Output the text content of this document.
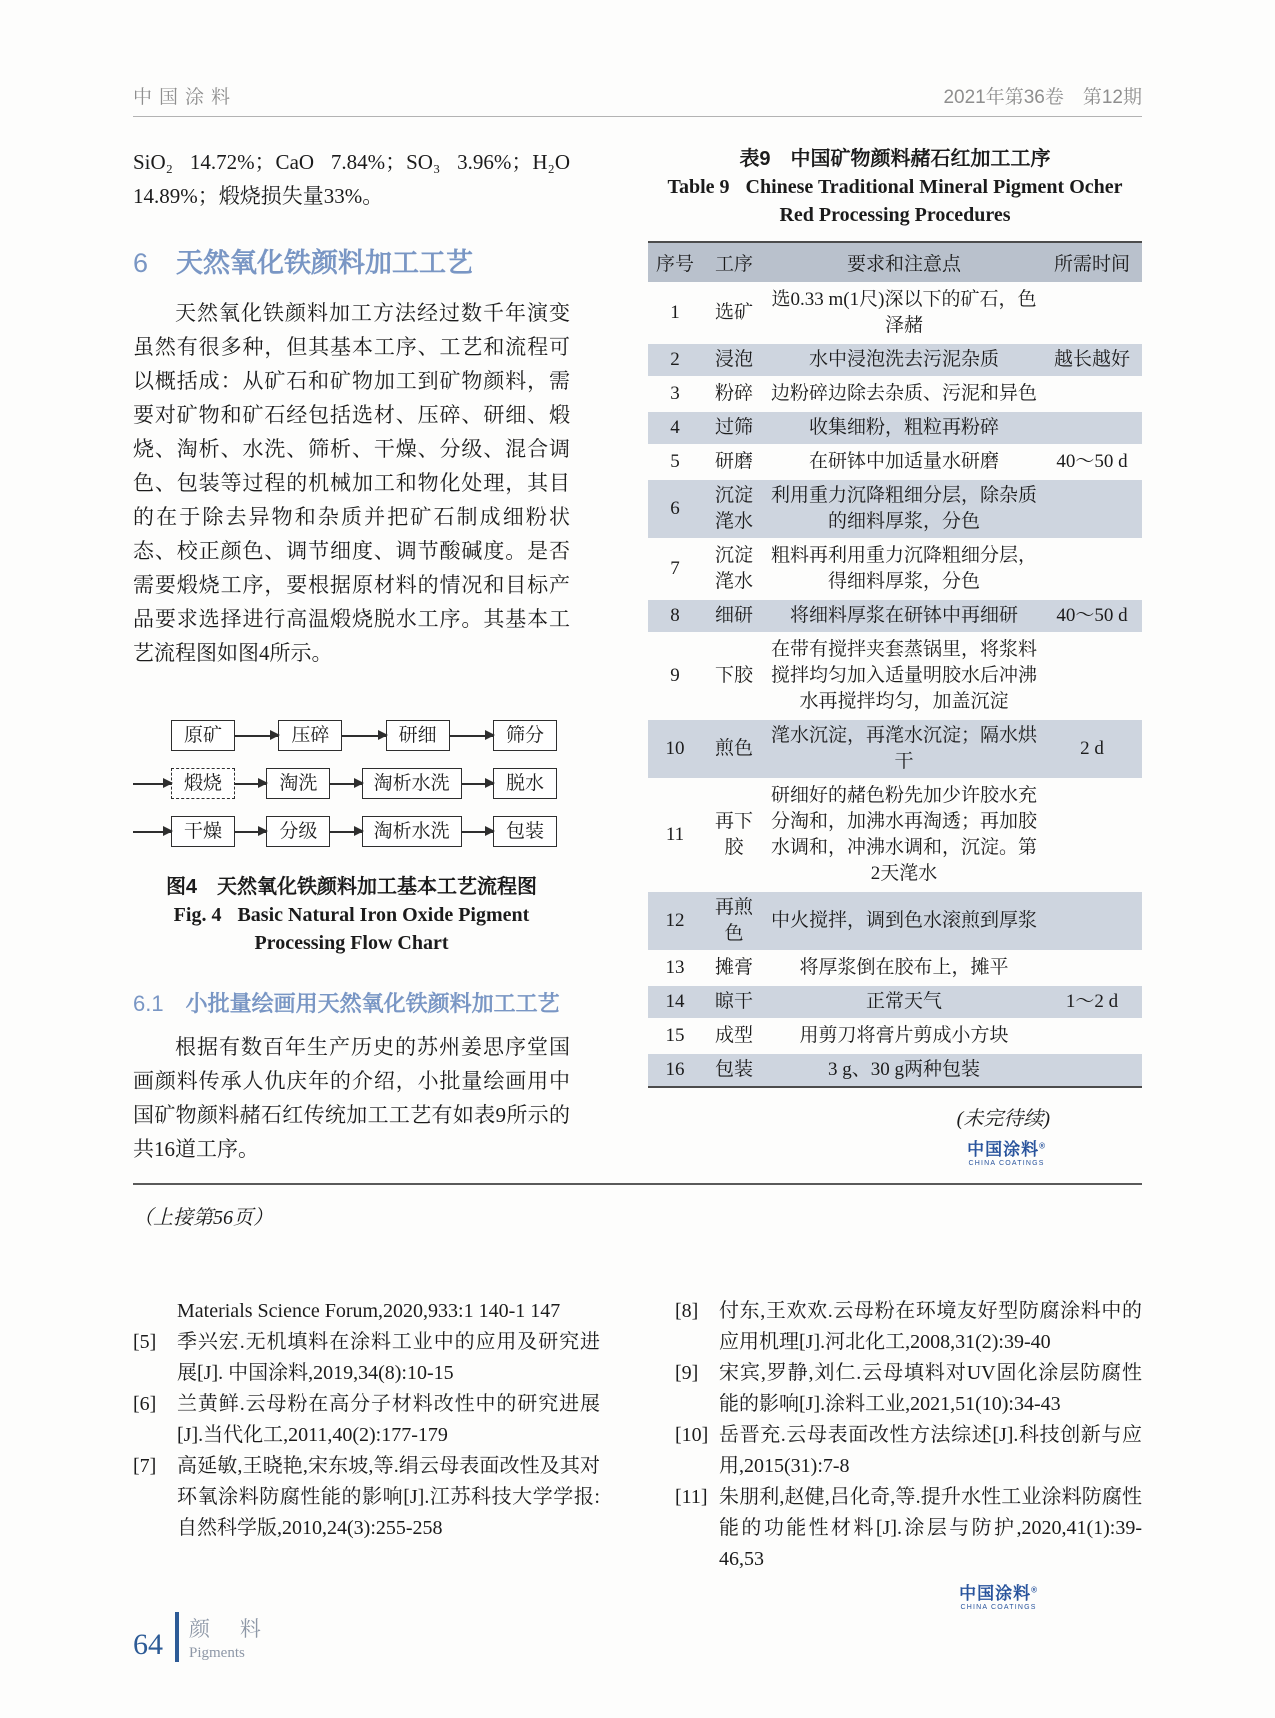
中国涂料	2021年第36卷　第12期

SiO₂ 14.72%；CaO 7.84%；SO₃ 3.96%；H₂O 14.89%；煅烧损失量33%。

6 天然氧化铁颜料加工工艺

天然氧化铁颜料加工方法经过数千年演变虽然有很多种，但其基本工序、工艺和流程可以概括成：从矿石和矿物加工到矿物颜料，需要对矿物和矿石经包括选材、压碎、研细、煅烧、淘析、水洗、筛析、干燥、分级、混合调色、包装等过程的机械加工和物化处理，其目的在于除去异物和杂质并把矿石制成细粉状态、校正颜色、调节细度、调节酸碱度。是否需要煅烧工序，要根据原材料的情况和目标产品要求选择进行高温煅烧脱水工序。其基本工艺流程图如图4所示。

原矿	压碎	研细	筛分
煅烧	淘洗	淘析水洗	脱水
干燥	分级	淘析水洗	包装
图4　天然氧化铁颜料加工基本工艺流程图
Fig. 4 Basic Natural Iron Oxide Pigment Processing Flow Chart
6.1 小批量绘画用天然氧化铁颜料加工工艺

根据有数百年生产历史的苏州姜思序堂国画颜料传承人仇庆年的介绍，小批量绘画用中国矿物颜料赭石红传统加工工艺有如表9所示的共16道工序。

表9　中国矿物颜料赭石红加工工序
Table 9 Chinese Traditional Mineral Pigment Ocher Red Processing Procedures
序号	工序	要求和注意点	所需时间
1	选矿	选0.33 m(1尺)深以下的矿石，色泽赭	
2	浸泡	水中浸泡洗去污泥杂质	越长越好
3	粉碎	边粉碎边除去杂质、污泥和异色	
4	过筛	收集细粉，粗粒再粉碎	
5	研磨	在研钵中加适量水研磨	40～50 d
6	沉淀滗水	利用重力沉降粗细分层，除杂质的细料厚浆，分色	
7	沉淀滗水	粗料再利用重力沉降粗细分层，得细料厚浆，分色	
8	细研	将细料厚浆在研钵中再细研	40～50 d
9	下胶	在带有搅拌夹套蒸锅里，将浆料搅拌均匀加入适量明胶水后冲沸水再搅拌均匀，加盖沉淀	
10	煎色	滗水沉淀，再滗水沉淀；隔水烘干	2 d
11	再下胶	研细好的赭色粉先加少许胶水充分淘和，加沸水再淘透；再加胶水调和，冲沸水调和，沉淀。第2天滗水	
12	再煎色	中火搅拌，调到色水滚煎到厚浆	
13	摊膏	将厚浆倒在胶布上，摊平	
14	晾干	正常天气	1～2 d
15	成型	用剪刀将膏片剪成小方块	
16	包装	3 g、30 g两种包装	
(未完待续)
中国涂料®
CHINA COATINGS
（上接第56页）
Materials Science Forum,2020,933:1 140-1 147
[5]	季兴宏.无机填料在涂料工业中的应用及研究进展[J]. 中国涂料,2019,34(8):10-15
[6]	兰黄鲜.云母粉在高分子材料改性中的研究进展[J].当代化工,2011,40(2):177-179
[7]	高延敏,王晓艳,宋东坡,等.绢云母表面改性及其对环氧涂料防腐性能的影响[J].江苏科技大学学报:自然科学版,2010,24(3):255-258
[8]	付东,王欢欢.云母粉在环境友好型防腐涂料中的应用机理[J].河北化工,2008,31(2):39-40
[9]	宋宾,罗静,刘仁.云母填料对UV固化涂层防腐性能的影响[J].涂料工业,2021,51(10):34-43
[10] 岳晋充.云母表面改性方法综述[J].科技创新与应用,2015(31):7-8
[11] 朱朋利,赵健,吕化奇,等.提升水性工业涂料防腐性能的功能性材料[J].涂层与防护,2020,41(1):39-46,53
中国涂料®
CHINA COATINGS
64 颜 料
Pigments
